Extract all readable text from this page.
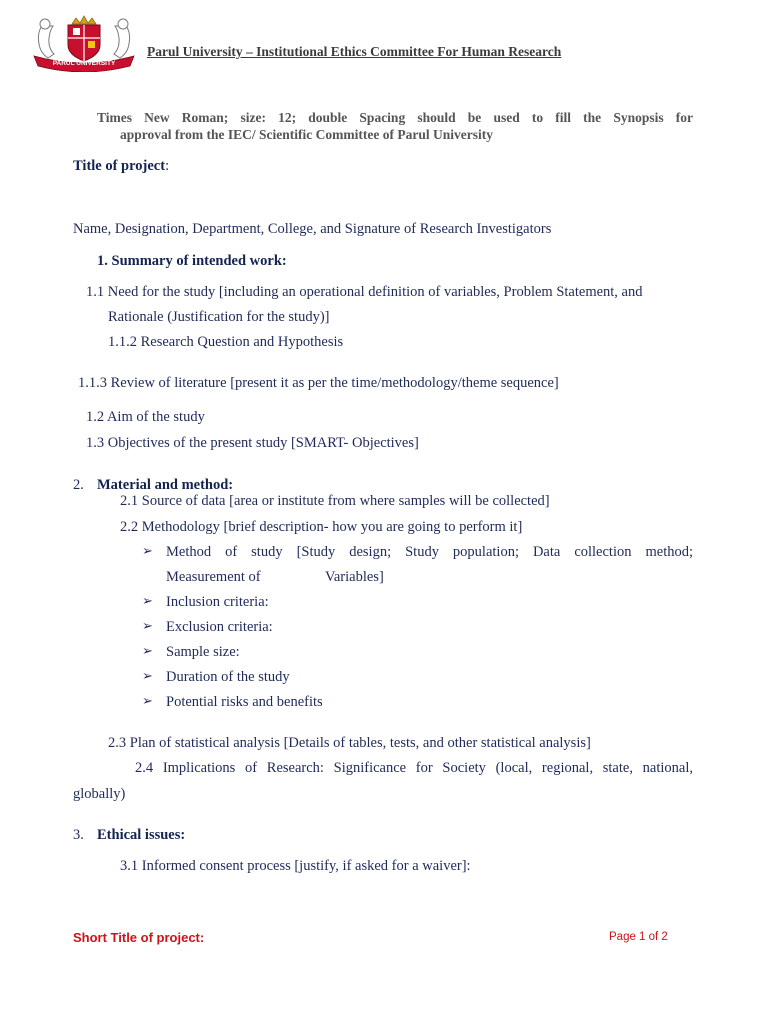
PARUL UNIVERSITY
Parul University – Institutional Ethics Committee For Human Research
Times New Roman; size: 12; double Spacing should be used to fill the Synopsis for
approval from the IEC/ Scientific Committee of Parul University
Title of project:
Name, Designation, Department, College, and Signature of Research Investigators
1. Summary of intended work:
1.1 Need for the study [including an operational definition of variables, Problem Statement, and
Rationale (Justification for the study)]
1.1.2 Research Question and Hypothesis
1.1.3 Review of literature [present it as per the time/methodology/theme sequence]
1.2 Aim of the study
1.3 Objectives of the present study [SMART- Objectives]
2. Material and method:
2.1 Source of data [area or institute from where samples will be collected]
2.2 Methodology [brief description- how you are going to perform it]
➢ Method of study [Study design; Study population; Data collection method;
Measurement of	Variables]
➢ Inclusion criteria:
➢ Exclusion criteria:
➢ Sample size:
➢ Duration of the study
➢ Potential risks and benefits
2.3 Plan of statistical analysis [Details of tables, tests, and other statistical analysis]
2.4 Implications of Research: Significance for Society (local, regional, state, national,
globally)
3. Ethical issues:
3.1 Informed consent process [justify, if asked for a waiver]:
Short Title of project:	Page 1 of 2
